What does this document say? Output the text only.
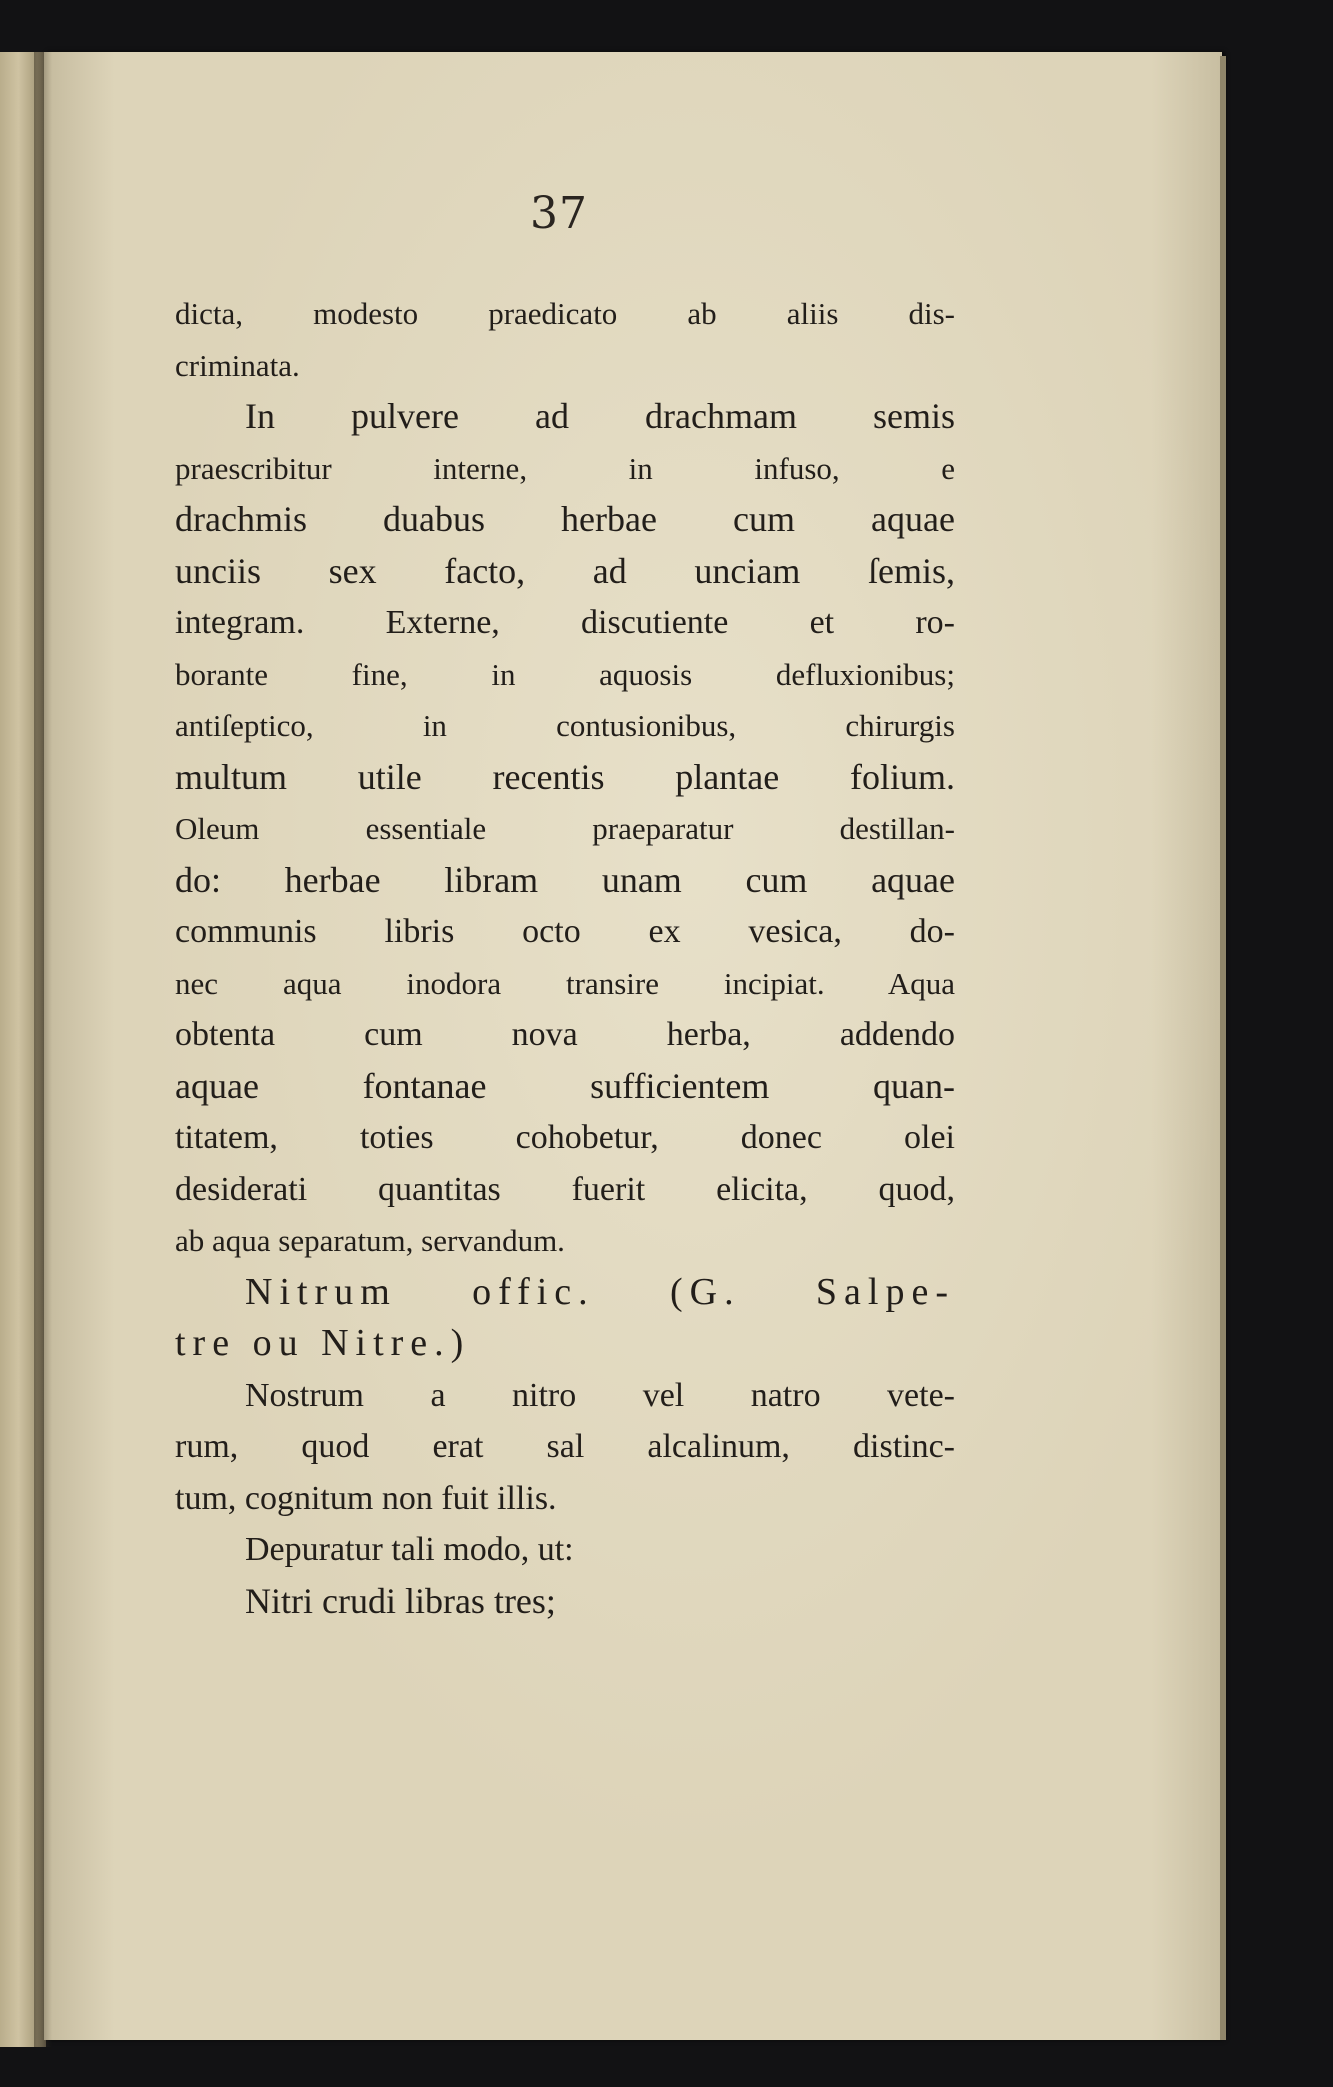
37
dicta, modesto praedicato ab aliis dis-
criminata.
In pulvere ad drachmam semis
praescribitur interne, in infuso, e
drachmis duabus herbae cum aquae
unciis sex facto, ad unciam ſemis,
integram. Externe, discutiente et ro-
borante fine, in aquosis defluxionibus;
antiſeptico, in contusionibus, chirurgis
multum utile recentis plantae folium.
Oleum essentiale praeparatur destillan-
do: herbae libram unam cum aquae
communis libris octo ex vesica, do-
nec aqua inodora transire incipiat. Aqua
obtenta cum nova herba, addendo
aquae fontanae sufficientem quan-
titatem, toties cohobetur, donec olei
desiderati quantitas fuerit elicita, quod,
ab aqua separatum, servandum.
Nitrum offic. (G. Salpe-
tre ou Nitre.)
Nostrum a nitro vel natro vete-
rum, quod erat sal alcalinum, distinc-
tum, cognitum non fuit illis.
Depuratur tali modo, ut:
Nitri crudi libras tres;
